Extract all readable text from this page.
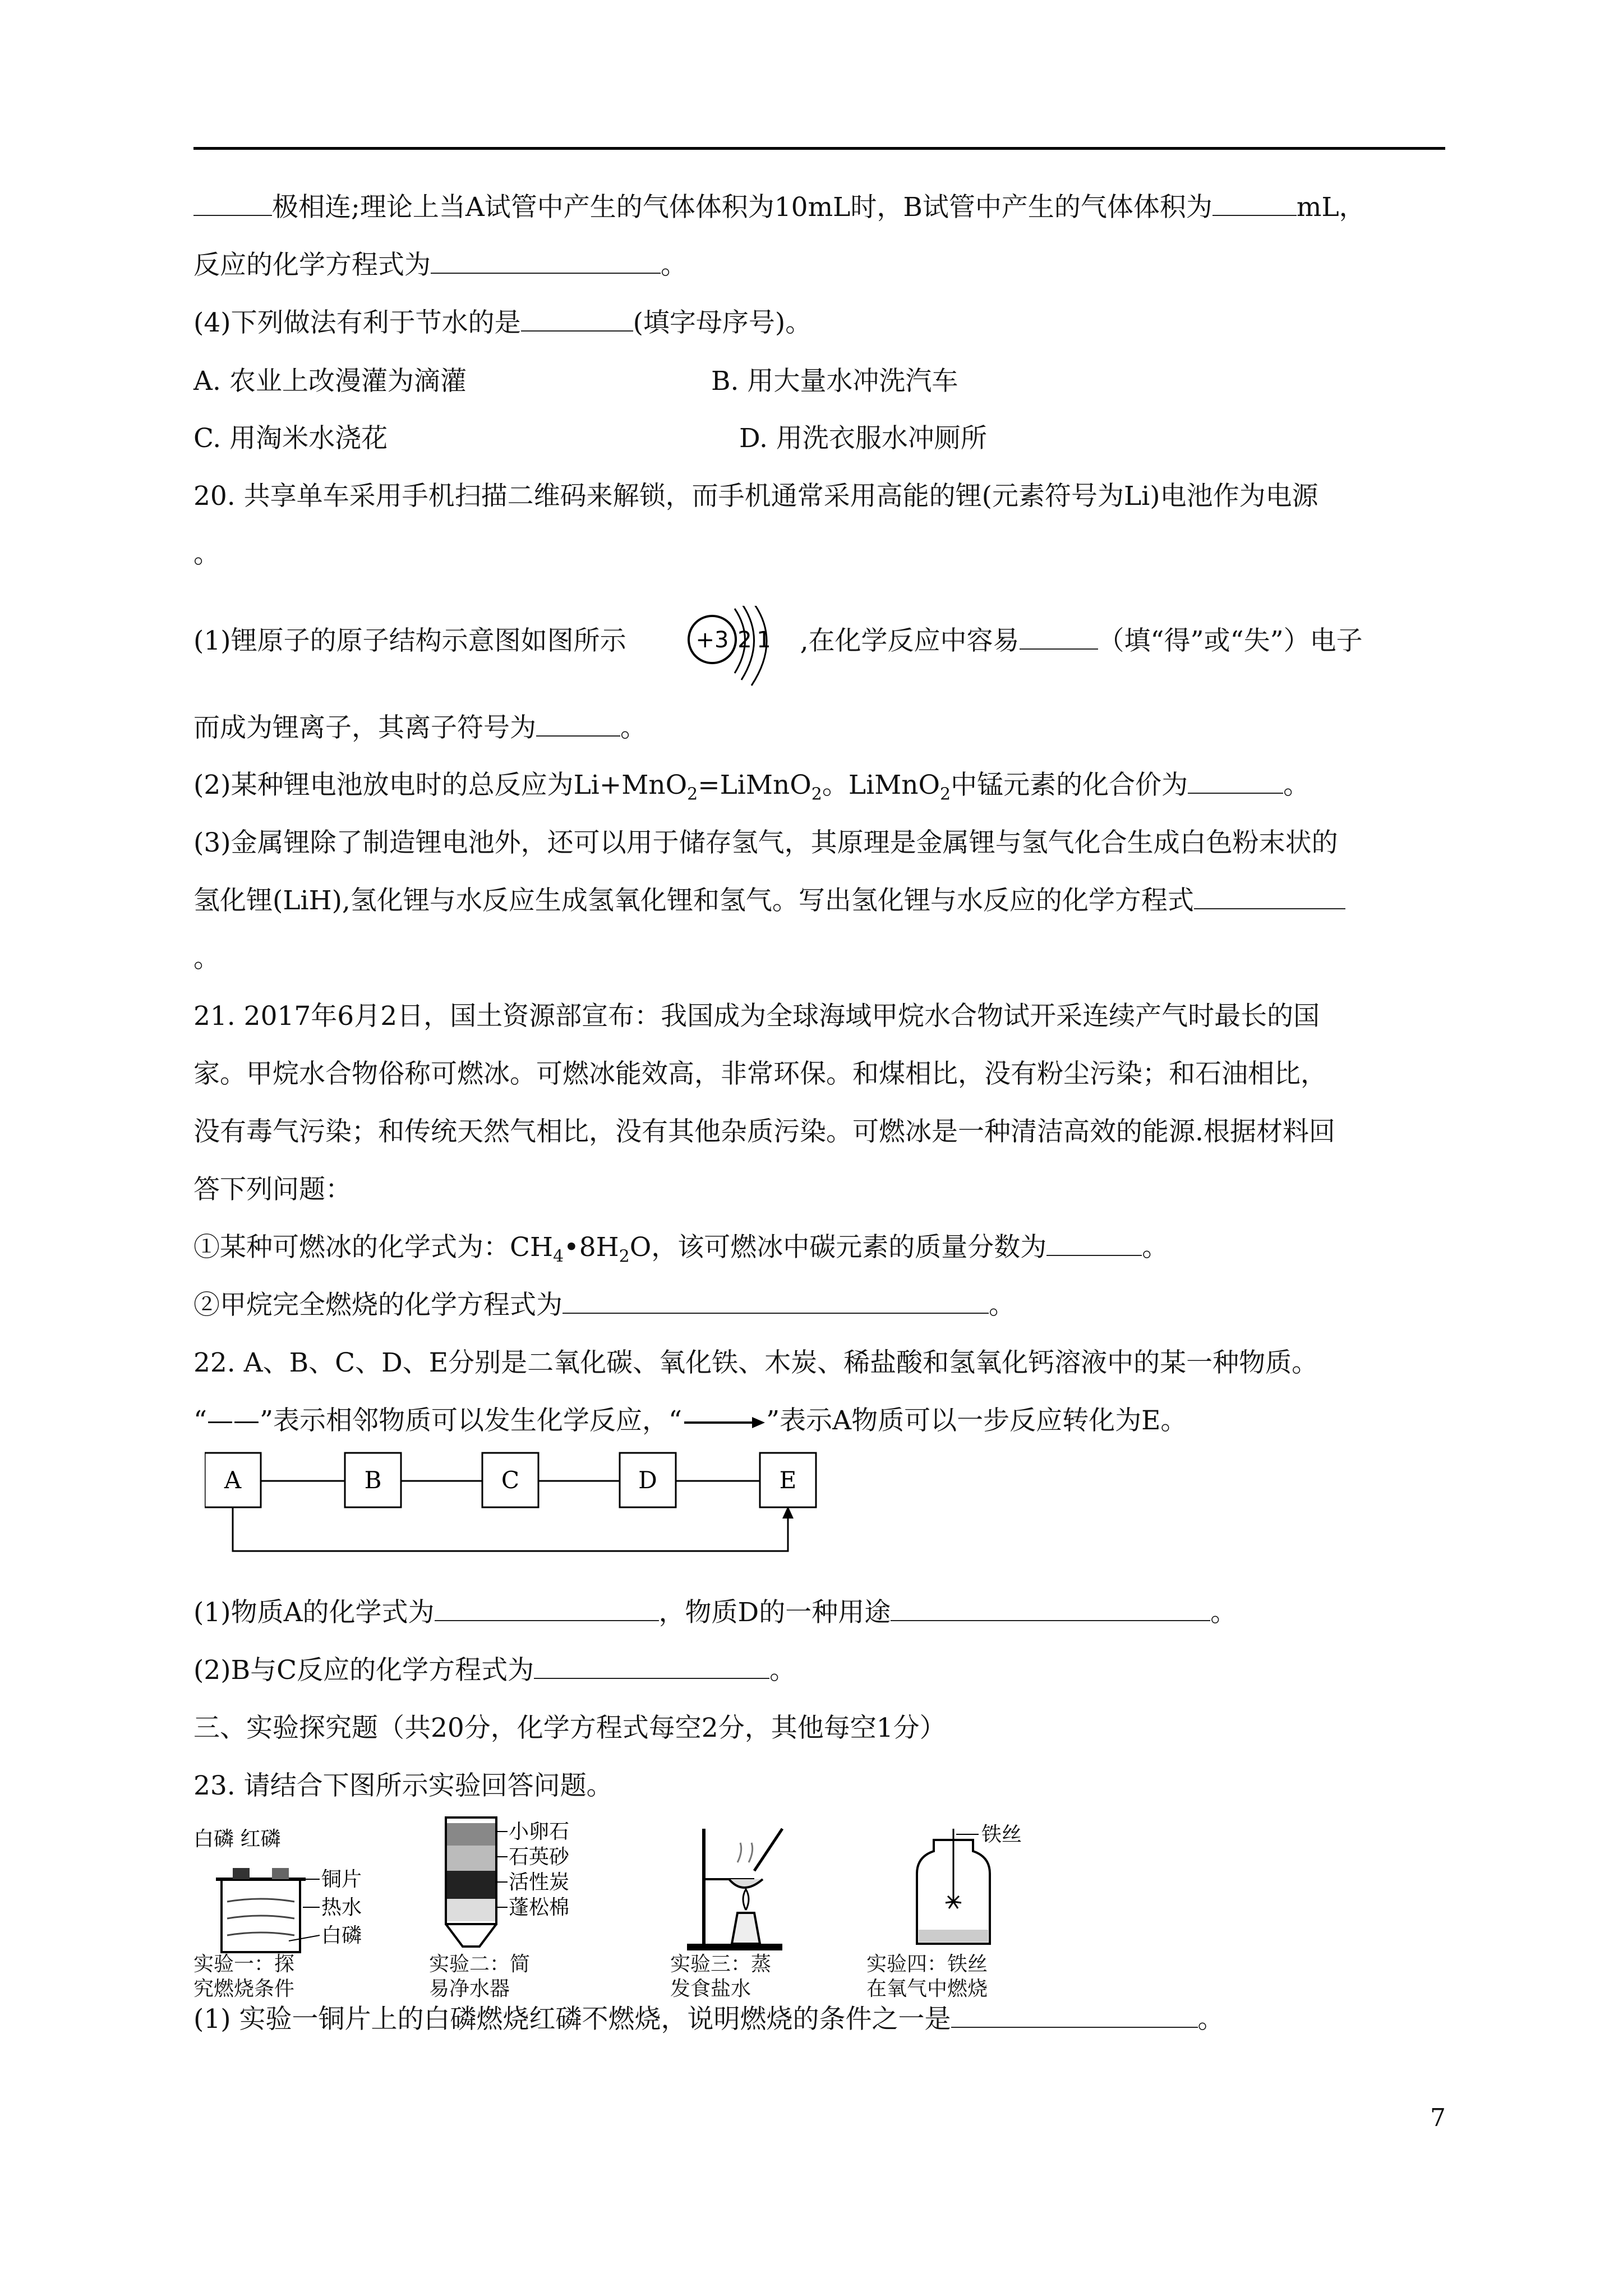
极相连;理论上当A试管中产生的气体体积为10mL时，B试管中产生的气体体积为	mL，
反应的化学方程式为	。
(4)下列做法有利于节水的是	(填字母序号)。
A. 农业上改漫灌为滴灌	B. 用大量水冲洗汽车
C. 用淘米水浇花	D. 用洗衣服水冲厕所
20. 共享单车采用手机扫描二维码来解锁，而手机通常采用高能的锂(元素符号为Li)电池作为电源
。
(1)锂原子的原子结构示意图如图所示	,在化学反应中容易	（填“得”或“失”）电子
+3 2 1
而成为锂离子，其离子符号为	。
(2)某种锂电池放电时的总反应为Li+MnO$_2$=LiMnO$_2$。LiMnO$_2$中锰元素的化合价为	。
(3)金属锂除了制造锂电池外，还可以用于储存氢气，其原理是金属锂与氢气化合生成白色粉末状的
氢化锂(LiH),氢化锂与水反应生成氢氧化锂和氢气。写出氢化锂与水反应的化学方程式
。
21. 2017年6月2日，国土资源部宣布：我国成为全球海域甲烷水合物试开采连续产气时最长的国
家。甲烷水合物俗称可燃冰。可燃冰能效高，非常环保。和煤相比，没有粉尘污染；和石油相比，
没有毒气污染；和传统天然气相比，没有其他杂质污染。可燃冰是一种清洁高效的能源.根据材料回
答下列问题：
①某种可燃冰的化学式为：$CH_4•8H_2O$，该可燃冰中碳元素的质量分数为	。
②甲烷完全燃烧的化学方程式为	。
22. A、B、C、D、E分别是二氧化碳、氧化铁、木炭、稀盐酸和氢氧化钙溶液中的某一种物质。
“——”表示相邻物质可以发生化学反应，“	”表示A物质可以一步反应转化为E。
A	B	C	D	E
(1)物质A的化学式为	，物质D的一种用途	。
(2)B与C反应的化学方程式为	。
三、实验探究题（共20分，化学方程式每空2分，其他每空1分）
23. 请结合下图所示实验回答问题。
白磷 红磷
铜片
热水
白磷
实验一：探
究燃烧条件
小卵石
石英砂
活性炭
蓬松棉
实验二：简
易净水器
实验三：蒸
发食盐水
铁丝
实验四：铁丝
在氧气中燃烧
(1) 实验一铜片上的白磷燃烧红磷不燃烧，说明燃烧的条件之一是	。
7
